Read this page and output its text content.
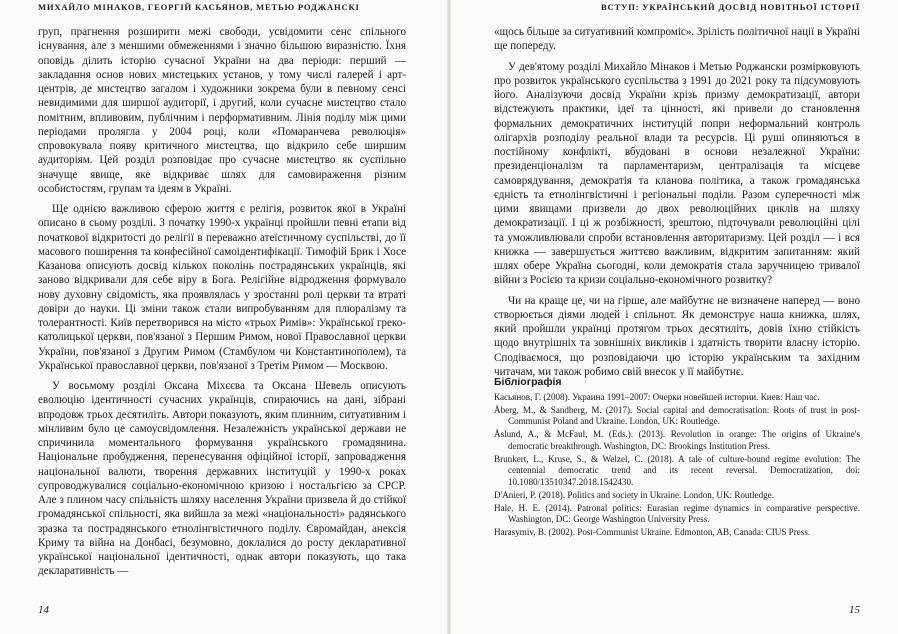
МИХАЙЛО МІНАКОВ, ГЕОРГІЙ КАСЬЯНОВ, МЕТЬЮ РОДЖАНСКІ

груп, прагнення розширити межі свободи, усвідомити сенс спільного існування, але з меншими обмеженнями і значно більшою виразністю. Їхня оповідь ділить історію сучасної України на два періоди: перший — закладання основ нових мистецьких установ, у тому числі галерей і арт-центрів, де мистецтво загалом і художники зокрема були в певному сенсі невидимими для ширшої аудиторії, і другий, коли сучасне мистецтво стало помітним, впливовим, публічним і перформативним. Лінія поділу між цими періодами пролягла у 2004 році, коли «Помаранчева революція» спровокувала появу критичного мистецтва, що відкрило себе ширшим аудиторіям. Цей розділ розповідає про сучасне мистецтво як суспільно значуще явище, яке відкриває шлях для самовираження різним особистостям, групам та ідеям в Україні.

Ще однією важливою сферою життя є релігія, розвиток якої в Україні описано в сьому розділі. З початку 1990-х українці пройшли певні етапи від початкової відкритості до релігії в переважно атеїстичному суспільстві, до її масового поширення та конфесійної самоідентифікації. Тимофій Брик і Хосе Казанова описують досвід кількох поколінь пострадянських українців, які заново відкривали для себе віру в Бога. Релігійне відродження формувало нову духовну свідомість, яка проявлялась у зростанні ролі церкви та втраті довіри до науки. Ці зміни також стали випробуванням для плюралізму та толерантності. Київ перетворився на місто «трьох Римів»: Української греко-католицької церкви, пов'язаної з Першим Римом, нової Православної церкви України, пов'язаної з Другим Римом (Стамбулом чи Константинополем), та Української православної церкви, пов'язаної з Третім Римом — Москвою.

У восьмому розділі Оксана Міхєєва та Оксана Шевель описують еволюцію ідентичності сучасних українців, спираючись на дані, зібрані впродовж трьох десятиліть. Автори показують, яким плинним, ситуативним і мінливим було це самоусвідомлення. Незалежність української держави не спричинила моментального формування українського громадянина. Національне пробудження, перенесування офіційної історії, запровадження національної валюти, творення державних інституцій у 1990-х роках супроводжувалися соціально-економічною кризою і ностальгією за СРСР. Але з плином часу спільність шляху населення України призвела й до стійкої громадянської спільності, яка вийшла за межі «національності» радянського зразка та пострадянського етнолінгвістичного поділу. Євромайдан, анексія Криму та війна на Донбасі, безумовно, доклалися до росту декларативної української національної ідентичності, однак автори показують, що така декларативність —

14
ВСТУП: УКРАЇНСЬКИЙ ДОСВІД НОВІТНЬОЇ ІСТОРІЇ

«щось більше за ситуативний компроміс». Зрілість політичної нації в Україні ще попереду.

У дев'ятому розділі Михайло Мінаков і Метью Роджански розмірковують про розвиток українського суспільства з 1991 до 2021 року та підсумовують його. Аналізуючи досвід України крізь призму демократизації, автори відстежують практики, ідеї та цінності, які привели до становлення формальних демократичних інституцій попри неформальний контроль олігархів розподілу реальної влади та ресурсів. Ці руші опиняються в постійному конфлікті, вбудовані в основи незалежної України: президенціоналізм та парламентаризм, централізація та місцеве самоврядування, демократія та кланова політика, а також громадянська єдність та етнолінгвістичні і регіональні поділи. Разом суперечності між цими явищами призвели до двох революційних циклів на шляху демократизації. І ці ж розбіжності, зрештою, підточували революційні цілі та уможливлювали спроби встановлення авторитаризму. Цей розділ — і вся книжка — завершується життєво важливим, відкритим запитанням: який шлях обере Україна сьогодні, коли демократія стала заручницею тривалої війни з Росією та кризи соціально-економічного розвитку?

Чи на краще це, чи на гірше, але майбутнє не визначене наперед — воно створюється діями людей і спільнот. Як демонструє наша книжка, шлях, який пройшли українці протягом трьох десятиліть, довів їхню стійкість щодо внутрішніх та зовнішніх викликів і здатність творити власну історію. Сподіваємося, що розповідаючи цю історію українським та західним читачам, ми також робимо свій внесок у її майбутнє.

Бібліографія
Касьянов, Г. (2008). Украина 1991–2007: Очерки новейшей истории. Киев: Наш час.
Åberg, M., & Sandberg, M. (2017). Social capital and democratisation: Roots of trust in post-Communist Poland and Ukraine. London, UK: Routledge.
Åslund, A., & McFaul, M. (Eds.). (2013). Revolution in orange: The origins of Ukraine's democratic breakthrough. Washington, DC: Brookings Institution Press.
Brunkert, L., Kruse, S., & Welzel, C. (2018). A tale of culture-bound regime evolution: The centennial democratic trend and its recent reversal. Democratization, doi: 10.1080/13510347.2018.1542430.
D'Anieri, P. (2018). Politics and society in Ukraine. London, UK: Routledge.
Hale, H. E. (2014). Patronal politics: Eurasian regime dynamics in comparative perspective. Washington, DC: George Washington University Press.
Harasymiv, B. (2002). Post-Communist Ukraine. Edmonton, AB, Canada: CIUS Press.
15
